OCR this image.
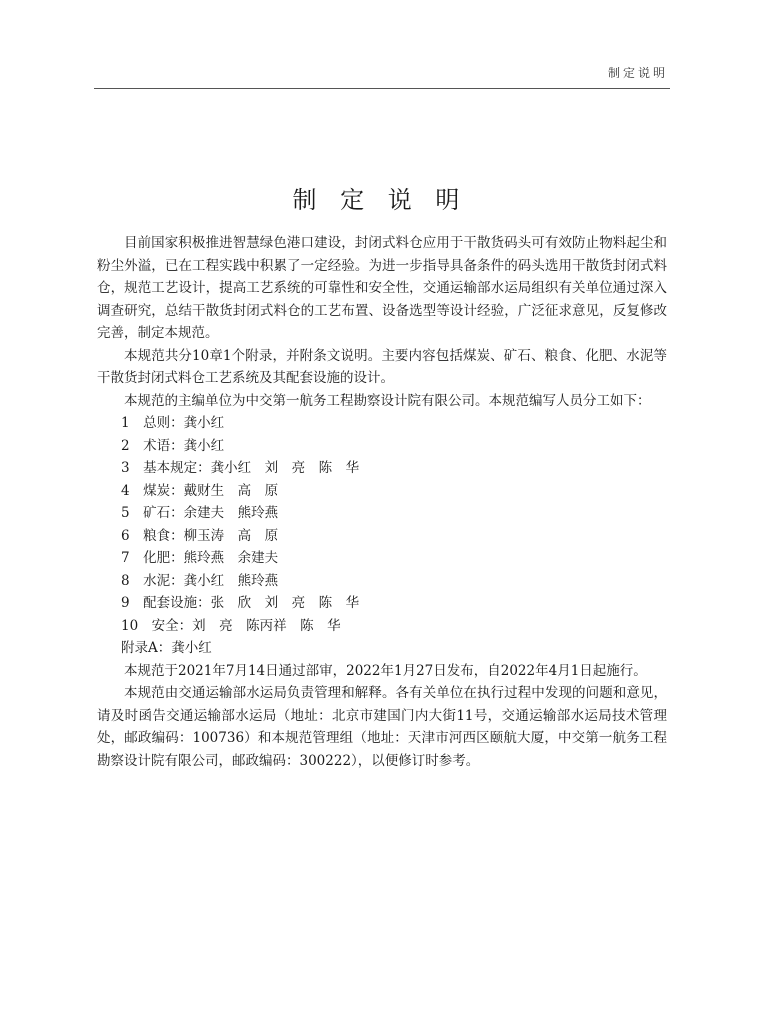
制定说明
制 定 说 明

目前国家积极推进智慧绿色港口建设，封闭式料仓应用于干散货码头可有效防止物料起尘和粉尘外溢，已在工程实践中积累了一定经验。为进一步指导具备条件的码头选用干散货封闭式料仓，规范工艺设计，提高工艺系统的可靠性和安全性，交通运输部水运局组织有关单位通过深入调查研究，总结干散货封闭式料仓的工艺布置、设备选型等设计经验，广泛征求意见，反复修改完善，制定本规范。

本规范共分10章1个附录，并附条文说明。主要内容包括煤炭、矿石、粮食、化肥、水泥等干散货封闭式料仓工艺系统及其配套设施的设计。

本规范的主编单位为中交第一航务工程勘察设计院有限公司。本规范编写人员分工如下：

1　总则：龚小红
2　术语：龚小红
3　基本规定：龚小红　刘　亮　陈　华
4　煤炭：戴财生　高　原
5　矿石：余建夫　熊玲燕
6　粮食：柳玉涛　高　原
7　化肥：熊玲燕　余建夫
8　水泥：龚小红　熊玲燕
9　配套设施：张　欣　刘　亮　陈　华
10　安全：刘　亮　陈丙祥　陈　华
附录A：龚小红

本规范于2021年7月14日通过部审，2022年1月27日发布，自2022年4月1日起施行。

本规范由交通运输部水运局负责管理和解释。各有关单位在执行过程中发现的问题和意见，请及时函告交通运输部水运局（地址：北京市建国门内大街11号，交通运输部水运局技术管理处，邮政编码：100736）和本规范管理组（地址：天津市河西区颐航大厦，中交第一航务工程勘察设计院有限公司，邮政编码：300222），以便修订时参考。
